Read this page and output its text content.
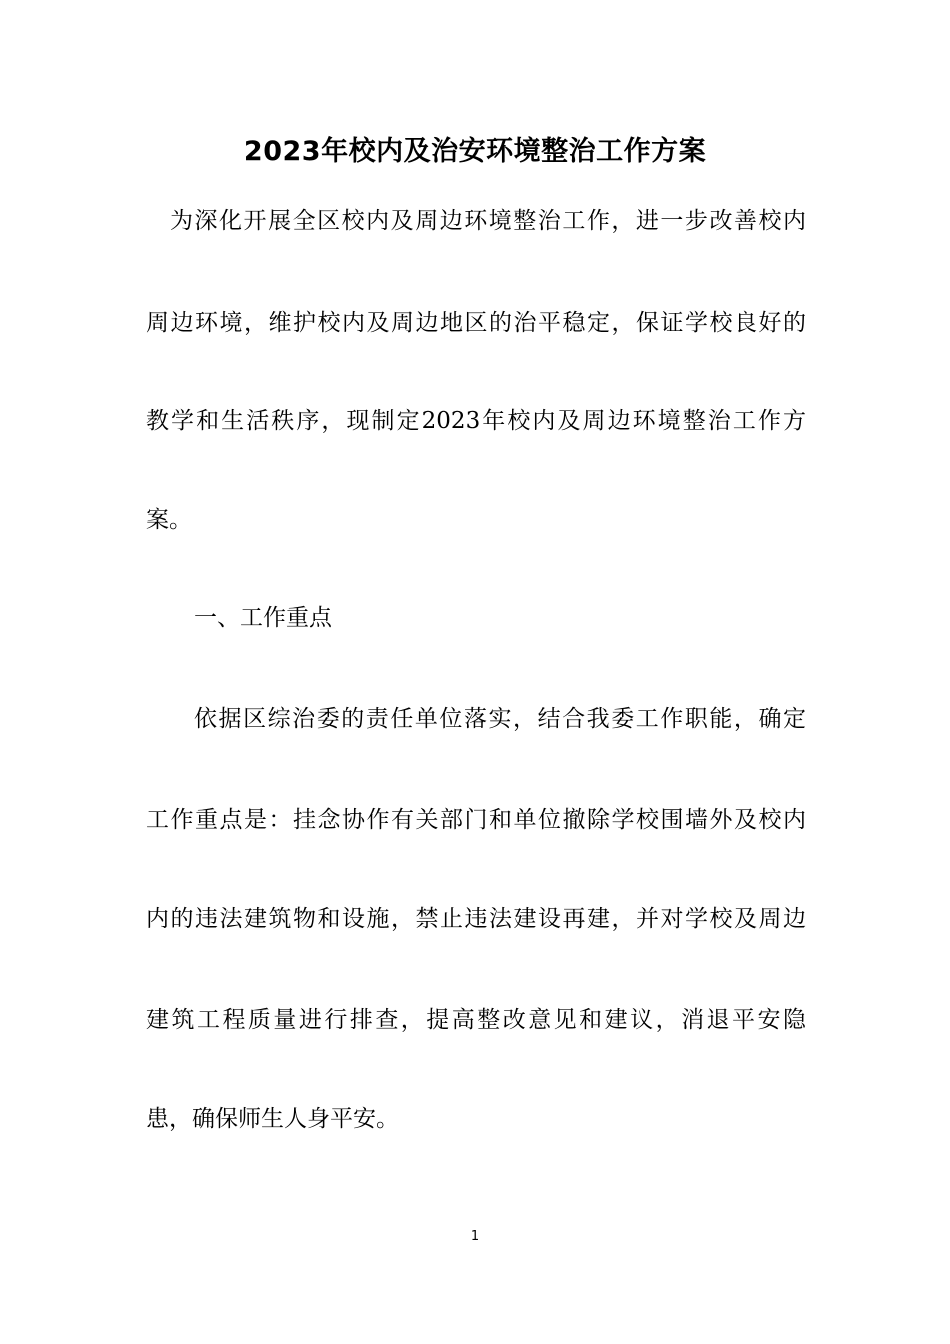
2023年校内及治安环境整治工作方案

为深化开展全区校内及周边环境整治工作，进一步改善校内

周边环境，维护校内及周边地区的治平稳定，保证学校良好的

教学和生活秩序，现制定2023年校内及周边环境整治工作方

案。

一、工作重点

依据区综治委的责任单位落实，结合我委工作职能，确定

工作重点是：挂念协作有关部门和单位撤除学校围墙外及校内

内的违法建筑物和设施，禁止违法建设再建，并对学校及周边

建筑工程质量进行排查，提高整改意见和建议，消退平安隐

患，确保师生人身平安。

1
